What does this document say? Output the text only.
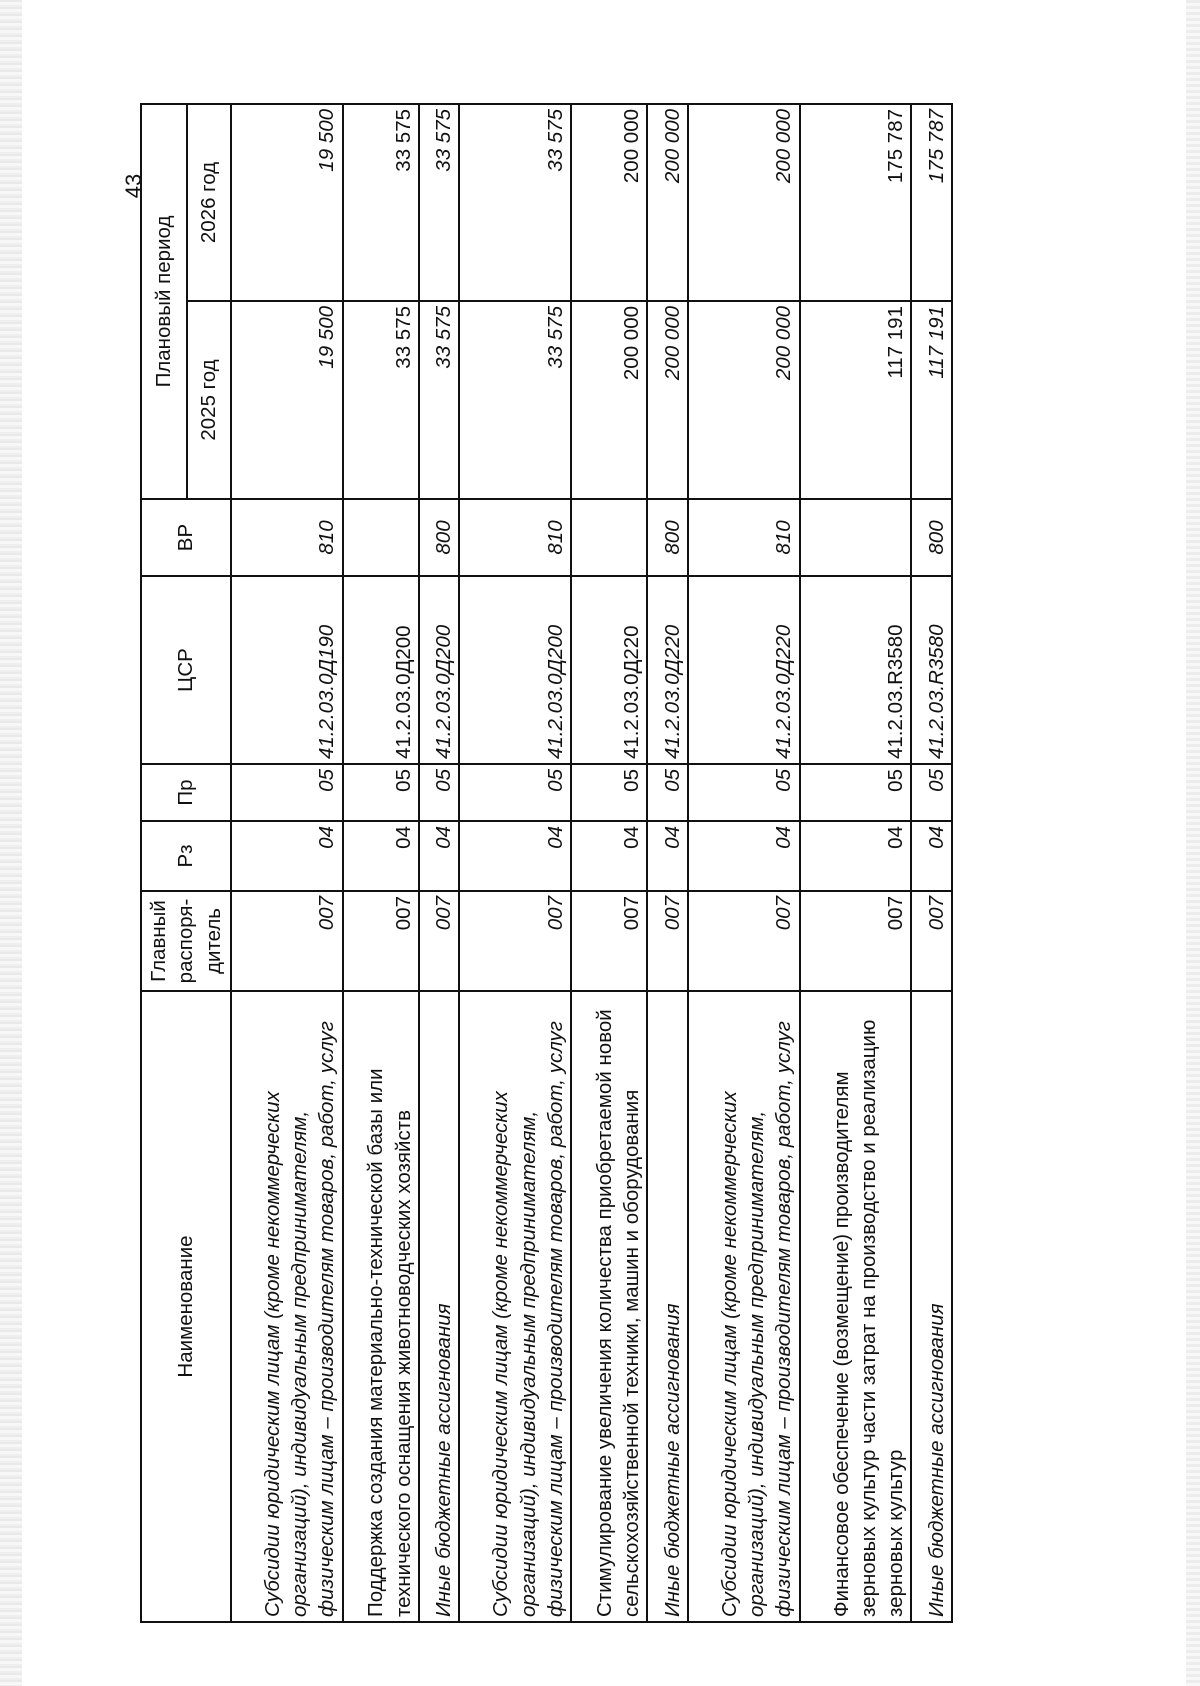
43
Наименование	Главный распоря-дитель	Рз	Пр	ЦСР	ВР	Плановый период	
						2025 год	2026 год
Субсидии юридическим лицам (кроме некоммерческих организаций), индивидуальным предпринимателям, физическим лицам – производителям товаров, работ, услуг	007	04	05	41.2.03.0Д190	810	19 500	19 500
Поддержка создания материально-технической базы или технического оснащения животноводческих хозяйств	007	04	05	41.2.03.0Д200		33 575	33 575
Иные бюджетные ассигнования	007	04	05	41.2.03.0Д200	800	33 575	33 575
Субсидии юридическим лицам (кроме некоммерческих организаций), индивидуальным предпринимателям, физическим лицам – производителям товаров, работ, услуг	007	04	05	41.2.03.0Д200	810	33 575	33 575
Стимулирование увеличения количества приобретаемой новой сельскохозяйственной техники, машин и оборудования	007	04	05	41.2.03.0Д220		200 000	200 000
Иные бюджетные ассигнования	007	04	05	41.2.03.0Д220	800	200 000	200 000
Субсидии юридическим лицам (кроме некоммерческих организаций), индивидуальным предпринимателям, физическим лицам – производителям товаров, работ, услуг	007	04	05	41.2.03.0Д220	810	200 000	200 000
Финансовое обеспечение (возмещение) производителям зерновых культур части затрат на производство и реализацию зерновых культур	007	04	05	41.2.03.R3580		117 191	175 787
Иные бюджетные ассигнования	007	04	05	41.2.03.R3580	800	117 191	175 787
